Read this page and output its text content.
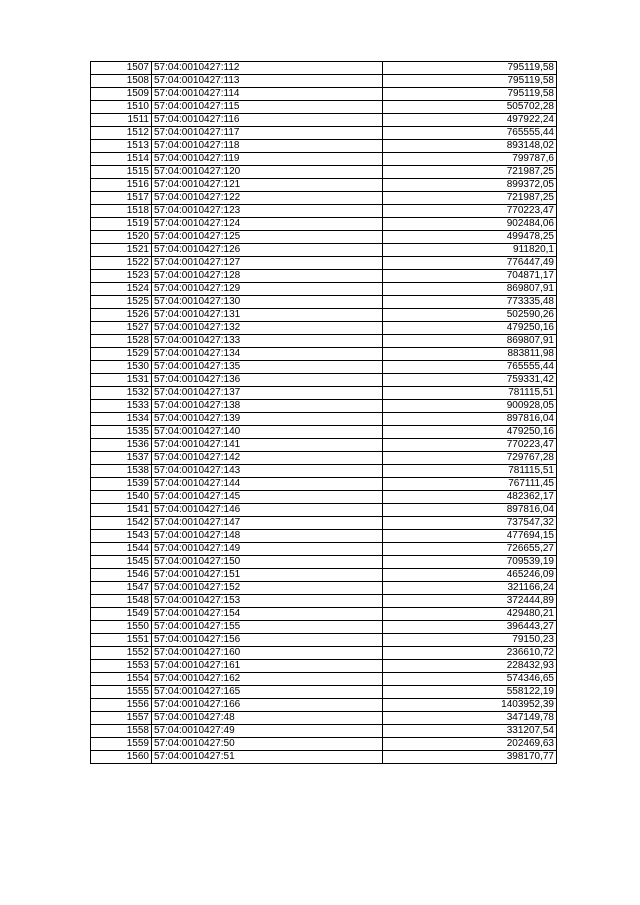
1507	57:04:0010427:112	795119,58
1508	57:04:0010427:113	795119,58
1509	57:04:0010427:114	795119,58
1510	57:04:0010427:115	505702,28
1511	57:04:0010427:116	497922,24
1512	57:04:0010427:117	765555,44
1513	57:04:0010427:118	893148,02
1514	57:04:0010427:119	799787,6
1515	57:04:0010427:120	721987,25
1516	57:04:0010427:121	899372,05
1517	57:04:0010427:122	721987,25
1518	57:04:0010427:123	770223,47
1519	57:04:0010427:124	902484,06
1520	57:04:0010427:125	499478,25
1521	57:04:0010427:126	911820,1
1522	57:04:0010427:127	776447,49
1523	57:04:0010427:128	704871,17
1524	57:04:0010427:129	869807,91
1525	57:04:0010427:130	773335,48
1526	57:04:0010427:131	502590,26
1527	57:04:0010427:132	479250,16
1528	57:04:0010427:133	869807,91
1529	57:04:0010427:134	883811,98
1530	57:04:0010427:135	765555,44
1531	57:04:0010427:136	759331,42
1532	57:04:0010427:137	781115,51
1533	57:04:0010427:138	900928,05
1534	57:04:0010427:139	897816,04
1535	57:04:0010427:140	479250,16
1536	57:04:0010427:141	770223,47
1537	57:04:0010427:142	729767,28
1538	57:04:0010427:143	781115,51
1539	57:04:0010427:144	767111,45
1540	57:04:0010427:145	482362,17
1541	57:04:0010427:146	897816,04
1542	57:04:0010427:147	737547,32
1543	57:04:0010427:148	477694,15
1544	57:04:0010427:149	726655,27
1545	57:04:0010427:150	709539,19
1546	57:04:0010427:151	465246,09
1547	57:04:0010427:152	321166,24
1548	57:04:0010427:153	372444,89
1549	57:04:0010427:154	429480,21
1550	57:04:0010427:155	396443,27
1551	57:04:0010427:156	79150,23
1552	57:04:0010427:160	236610,72
1553	57:04:0010427:161	228432,93
1554	57:04:0010427:162	574346,65
1555	57:04:0010427:165	558122,19
1556	57:04:0010427:166	1403952,39
1557	57:04:0010427:48	347149,78
1558	57:04:0010427:49	331207,54
1559	57:04:0010427:50	202469,63
1560	57:04:0010427:51	398170,77
